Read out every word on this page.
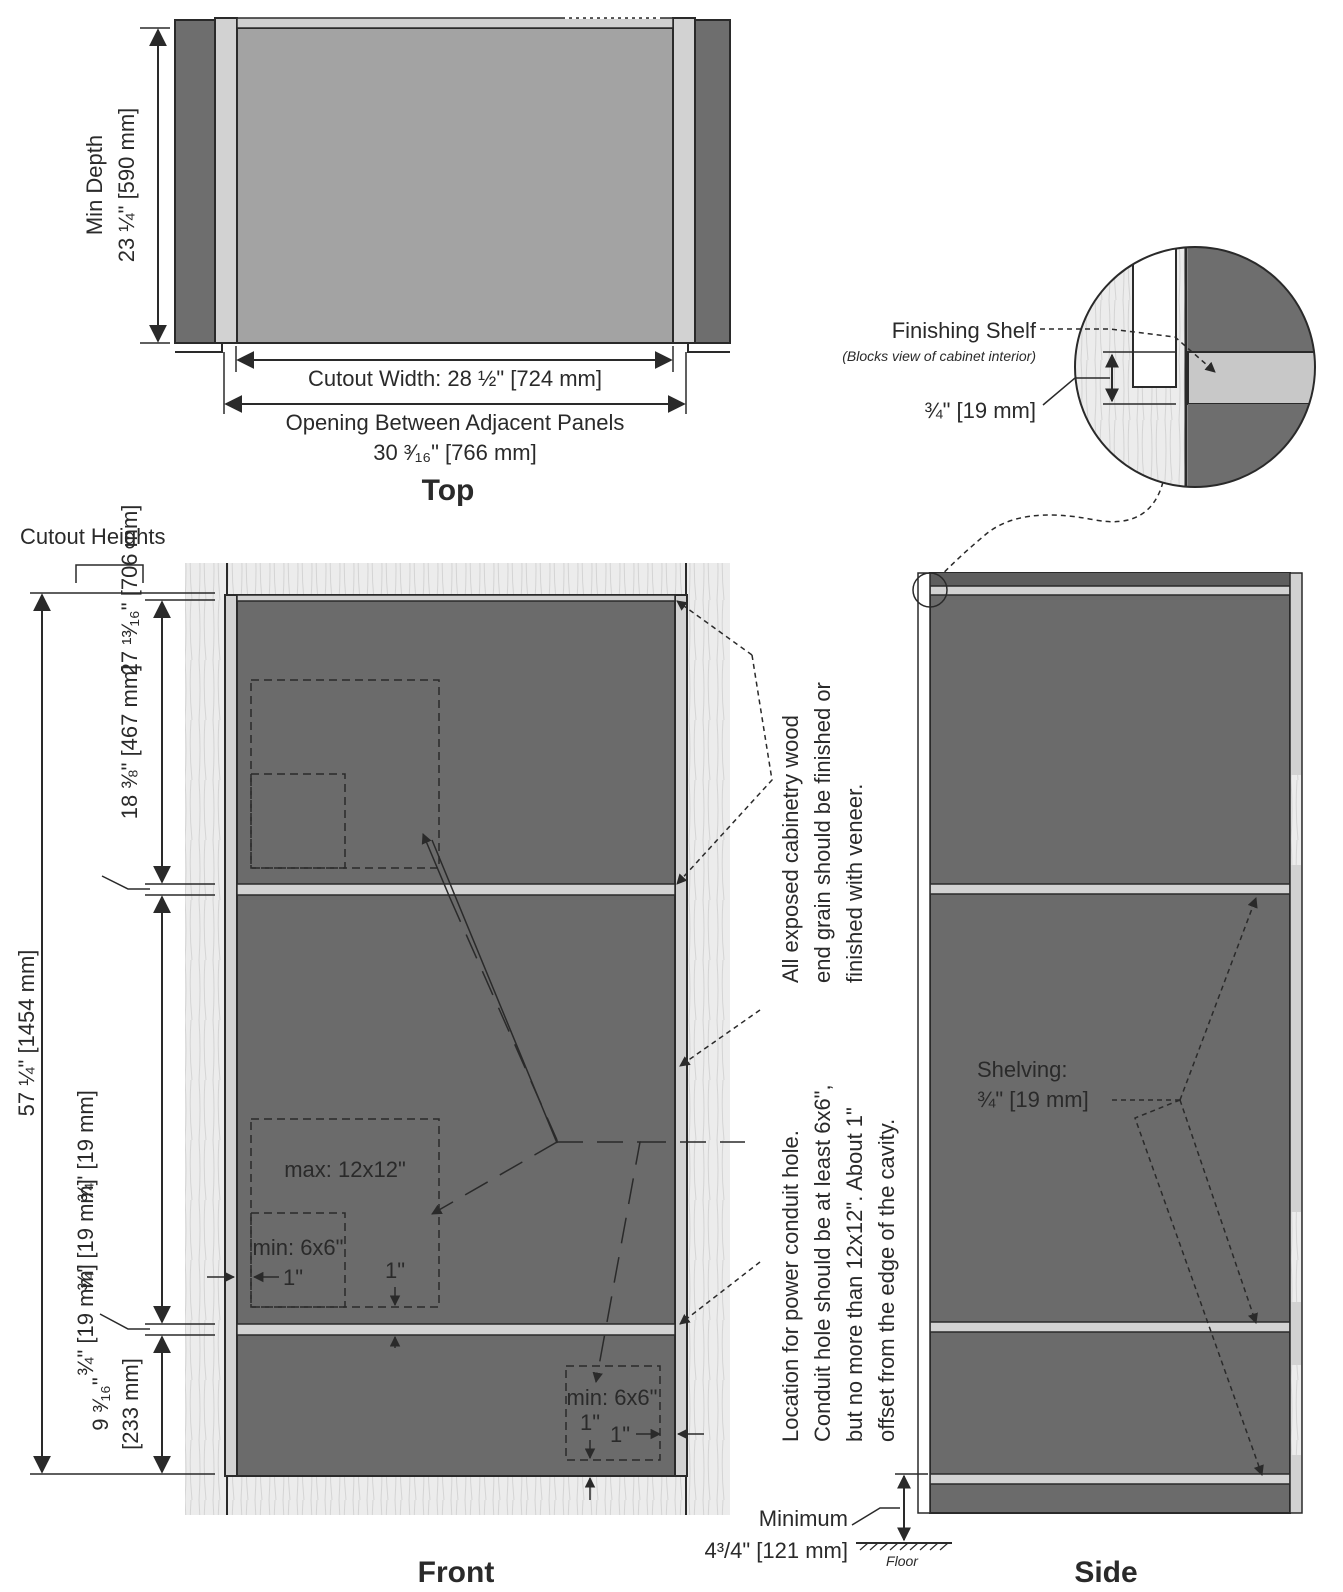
Min Depth 23 ¼" [590 mm]
Cutout Width: 28 ½" [724 mm]
Opening Between Adjacent Panels
30 ³⁄₁₆" [766 mm]
Top
Finishing Shelf
(Blocks view of cabinet interior)
¾" [19 mm]
max: 12x12"
min: 6x6"
min: 6x6"
1"	1"
1" 1"
Cutout Heights
57 ¼" [1454 mm]
27 ¹³⁄₁₆" [706 mm]
18 ⅜" [467 mm]
¾" [19 mm]
¾" [19 mm]
¾" [19 mm]
9 ³⁄₁₆" [233 mm]
All exposed cabinetry wood end grain should be finished or finished with veneer.
Location for power conduit hole. Conduit hole should be at least 6x6", but no more than 12x12". About 1" offset from the edge of the cavity.
Front
Shelving:
¾" [19 mm]
Minimum
4³/4" [121 mm]	Floor	Side
